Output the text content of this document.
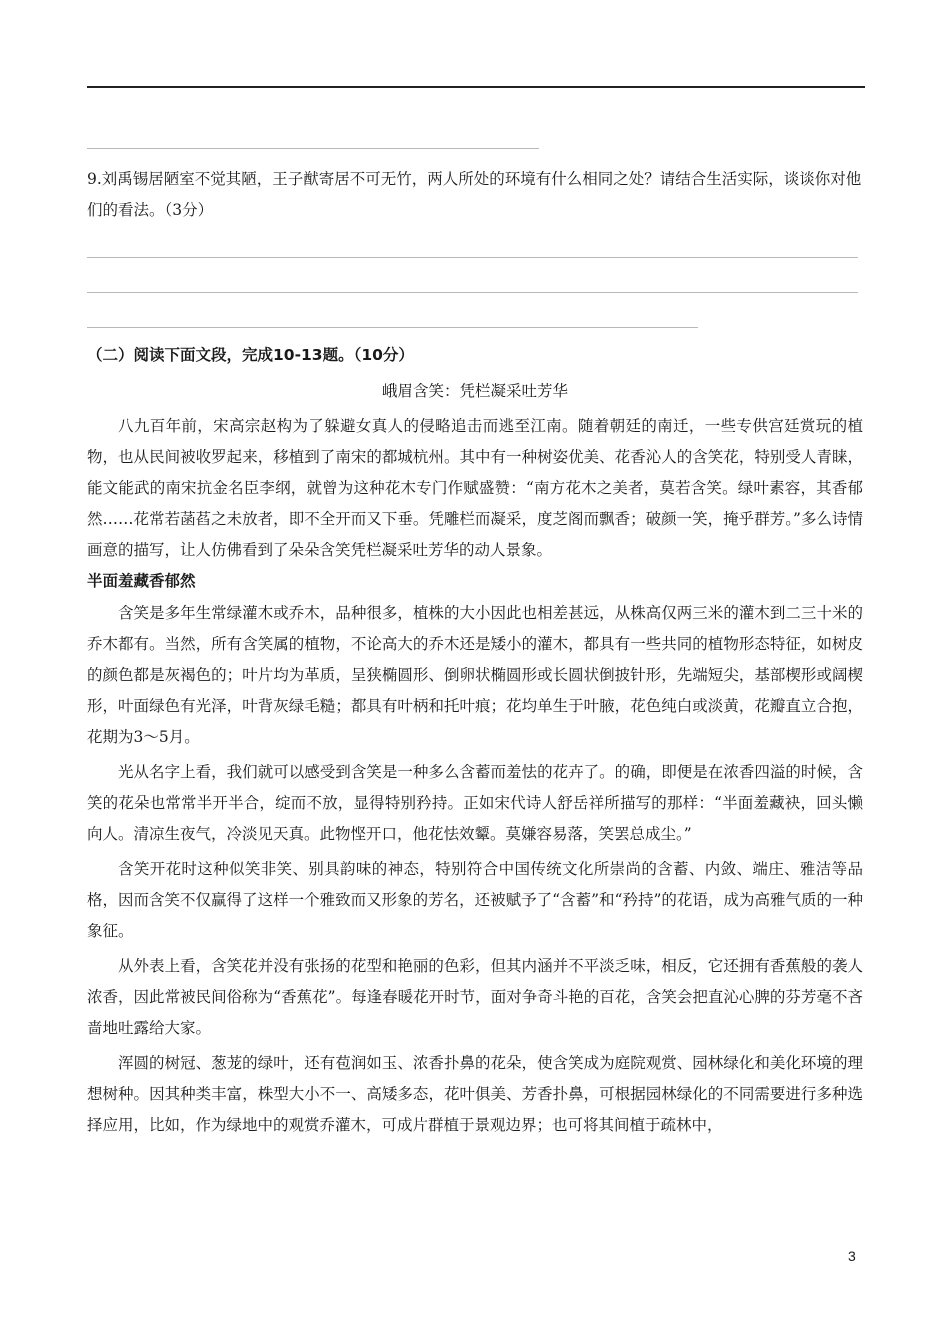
9.刘禹锡居陋室不觉其陋，王子猷寄居不可无竹，两人所处的环境有什么相同之处？请结合生活实际，谈谈你对他们的看法。（3分）

（二）阅读下面文段，完成10-13题。（10分）

峨眉含笑：凭栏凝采吐芳华

八九百年前，宋高宗赵构为了躲避女真人的侵略追击而逃至江南。随着朝廷的南迁，一些专供宫廷赏玩的植物，也从民间被收罗起来，移植到了南宋的都城杭州。其中有一种树姿优美、花香沁人的含笑花，特别受人青睐，能文能武的南宋抗金名臣李纲，就曾为这种花木专门作赋盛赞：“南方花木之美者，莫若含笑。绿叶素容，其香郁然……花常若菡萏之未放者，即不全开而又下垂。凭雕栏而凝采，度芝阁而飘香；破颜一笑，掩乎群芳。”多么诗情画意的描写，让人仿佛看到了朵朵含笑凭栏凝采吐芳华的动人景象。

半面羞藏香郁然

含笑是多年生常绿灌木或乔木，品种很多，植株的大小因此也相差甚远，从株高仅两三米的灌木到二三十米的乔木都有。当然，所有含笑属的植物，不论高大的乔木还是矮小的灌木，都具有一些共同的植物形态特征，如树皮的颜色都是灰褐色的；叶片均为革质，呈狭椭圆形、倒卵状椭圆形或长圆状倒披针形，先端短尖，基部楔形或阔楔形，叶面绿色有光泽，叶背灰绿毛糙；都具有叶柄和托叶痕；花均单生于叶腋，花色纯白或淡黄，花瓣直立合抱，花期为3～5月。

光从名字上看，我们就可以感受到含笑是一种多么含蓄而羞怯的花卉了。的确，即便是在浓香四溢的时候，含笑的花朵也常常半开半合，绽而不放，显得特别矜持。正如宋代诗人舒岳祥所描写的那样：“半面羞藏袂，回头懒向人。清凉生夜气，冷淡见天真。此物悭开口，他花怯效颦。莫嫌容易落，笑罢总成尘。”

含笑开花时这种似笑非笑、别具韵味的神态，特别符合中国传统文化所崇尚的含蓄、内敛、端庄、雅洁等品格，因而含笑不仅赢得了这样一个雅致而又形象的芳名，还被赋予了“含蓄”和“矜持”的花语，成为高雅气质的一种象征。

从外表上看，含笑花并没有张扬的花型和艳丽的色彩，但其内涵并不平淡乏味，相反，它还拥有香蕉般的袭人浓香，因此常被民间俗称为“香蕉花”。每逢春暖花开时节，面对争奇斗艳的百花，含笑会把直沁心脾的芬芳毫不吝啬地吐露给大家。

浑圆的树冠、葱茏的绿叶，还有苞润如玉、浓香扑鼻的花朵，使含笑成为庭院观赏、园林绿化和美化环境的理想树种。因其种类丰富，株型大小不一、高矮多态，花叶俱美、芳香扑鼻，可根据园林绿化的不同需要进行多种选择应用，比如，作为绿地中的观赏乔灌木，可成片群植于景观边界；也可将其间植于疏林中，

3
